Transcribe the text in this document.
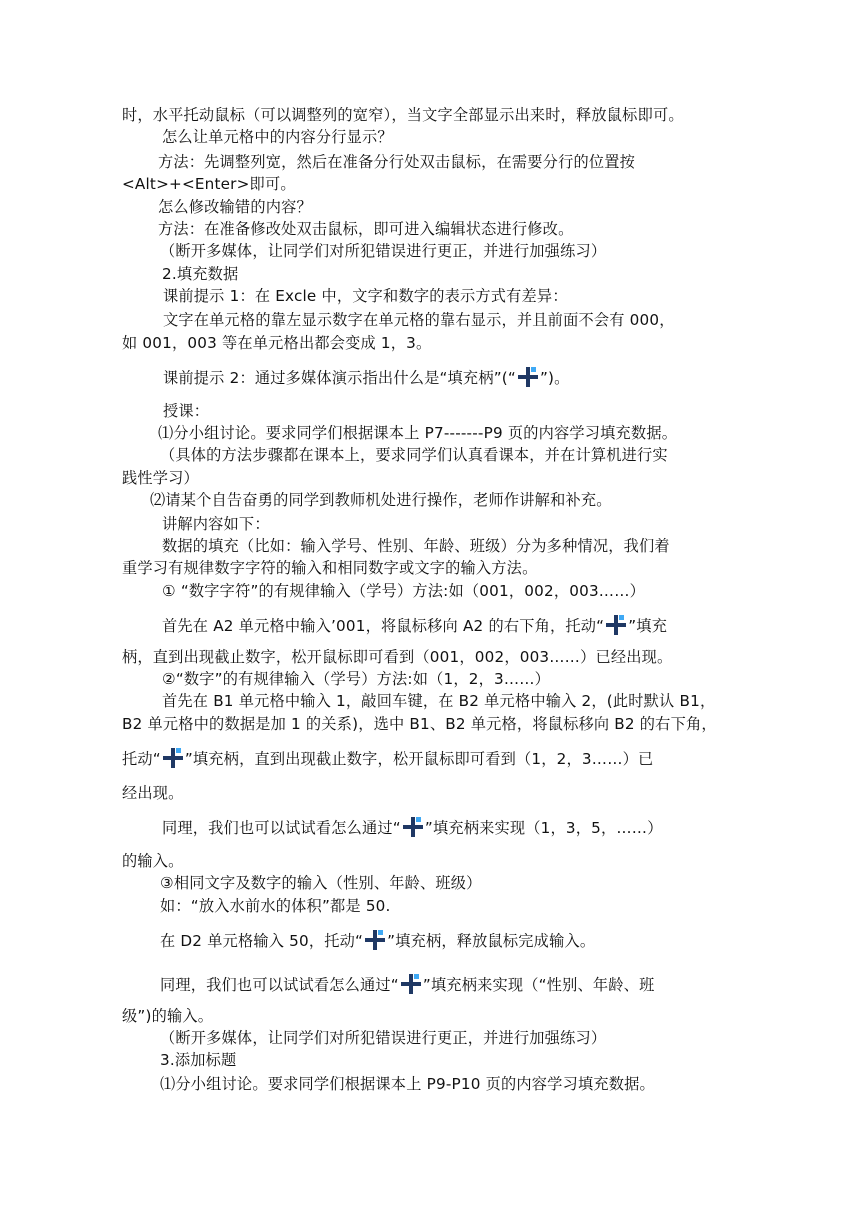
时，水平托动鼠标（可以调整列的宽窄），当文字全部显示出来时，释放鼠标即可。
怎么让单元格中的内容分行显示？
方法：先调整列宽，然后在准备分行处双击鼠标，在需要分行的位置按
<Alt>+<Enter>即可。
怎么修改输错的内容？
方法：在准备修改处双击鼠标，即可进入编辑状态进行修改。
（断开多媒体，让同学们对所犯错误进行更正，并进行加强练习）
2.填充数据
课前提示 1：在 Excle 中，文字和数字的表示方式有差异：
文字在单元格的靠左显示数字在单元格的靠右显示，并且前面不会有 000，
如 001，003 等在单元格出都会变成 1，3。
课前提示 2：通过多媒体演示指出什么是“填充柄”(“ ”)。
授课：
⑴分小组讨论。要求同学们根据课本上 P7-------P9 页的内容学习填充数据。
（具体的方法步骤都在课本上，要求同学们认真看课本，并在计算机进行实
践性学习）
⑵请某个自告奋勇的同学到教师机处进行操作，老师作讲解和补充。
讲解内容如下：
数据的填充（比如：输入学号、性别、年龄、班级）分为多种情况，我们着
重学习有规律数字字符的输入和相同数字或文字的输入方法。
① “数字字符”的有规律输入（学号）方法:如（001，002，003……）
首先在 A2 单元格中输入’001，将鼠标移向 A2 的右下角，托动“ ”填充
柄，直到出现截止数字，松开鼠标即可看到（001，002，003……）已经出现。
②“数字”的有规律输入（学号）方法:如（1，2，3……）
首先在 B1 单元格中输入 1，敲回车键，在 B2 单元格中输入 2，(此时默认 B1，
B2 单元格中的数据是加 1 的关系)，选中 B1、B2 单元格，将鼠标移向 B2 的右下角，
托动“ ”填充柄，直到出现截止数字，松开鼠标即可看到（1，2，3……）已
经出现。
同理，我们也可以试试看怎么通过“ ”填充柄来实现（1，3，5，……）
的输入。
③相同文字及数字的输入（性别、年龄、班级）
如：“放入水前水的体积”都是 50.
在 D2 单元格输入 50，托动“ ”填充柄，释放鼠标完成输入。
同理，我们也可以试试看怎么通过“ ”填充柄来实现（“性别、年龄、班
级”)的输入。
（断开多媒体，让同学们对所犯错误进行更正，并进行加强练习）
3.添加标题
⑴分小组讨论。要求同学们根据课本上 P9-P10 页的内容学习填充数据。
